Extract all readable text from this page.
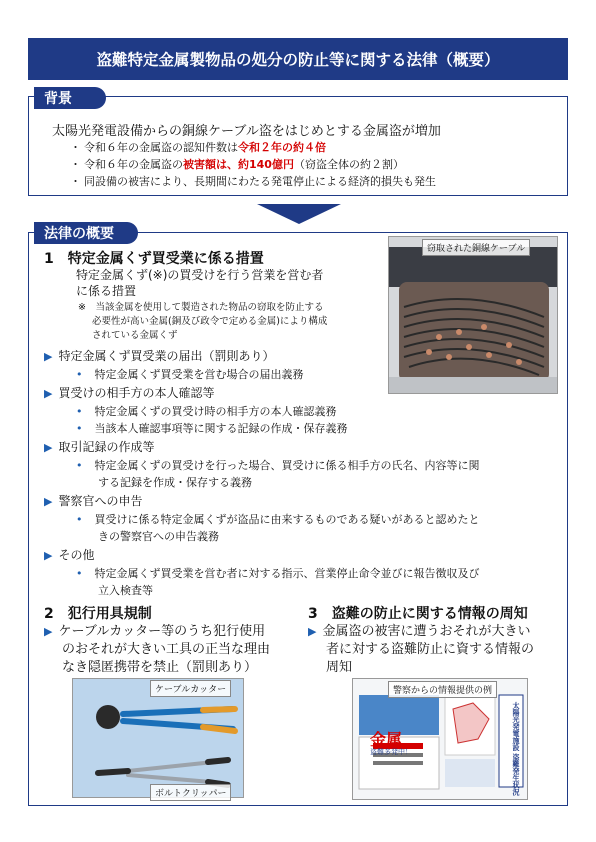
盗難特定金属製物品の処分の防止等に関する法律（概要）
背景
太陽光発電設備からの銅線ケーブル盗をはじめとする金属盗が増加
・ 令和６年の金属盗の認知件数は令和２年の約４倍
・ 令和６年の金属盗の被害額は、約140億円（窃盗全体の約２割）
・ 同設備の被害により、長期間にわたる発電停止による経済的損失も発生
法律の概要
1　特定金属くず買受業に係る措置
特定金属くず(※)の買受けを行う営業を営む者
に係る措置
※　当該金属を使用して製造された物品の窃取を防止する
必要性が高い金属(銅及び政令で定める金属)により構成
されている金属くず
窃取された銅線ケーブル
▶ 特定金属くず買受業の届出（罰則あり）
• 特定金属くず買受業を営む場合の届出義務
▶ 買受けの相手方の本人確認等
• 特定金属くずの買受け時の相手方の本人確認義務
• 当該本人確認事項等に関する記録の作成・保存義務
▶ 取引記録の作成等
• 特定金属くずの買受けを行った場合、買受けに係る相手方の氏名、内容等に関
する記録を作成・保存する義務
▶ 警察官への申告
• 買受けに係る特定金属くずが盗品に由来するものである疑いがあると認めたと
きの警察官への申告義務
▶ その他
• 特定金属くず買受業を営む者に対する指示、営業停止命令並びに報告徴収及び
立入検査等
2　犯行用具規制
▶ ケーブルカッター等のうち犯行使用
のおそれが大きい工具の正当な理由
なき隠匿携帯を禁止（罰則あり）
ケーブルカッター
ボルトクリッパー
3　盗難の防止に関する情報の周知
▶ 金属盗の被害に遭うおそれが大きい
者に対する盗難防止に資する情報の
周知
警察からの情報提供の例
金属
盗難多発中！	太陽光発電施設 盗難発生状況
